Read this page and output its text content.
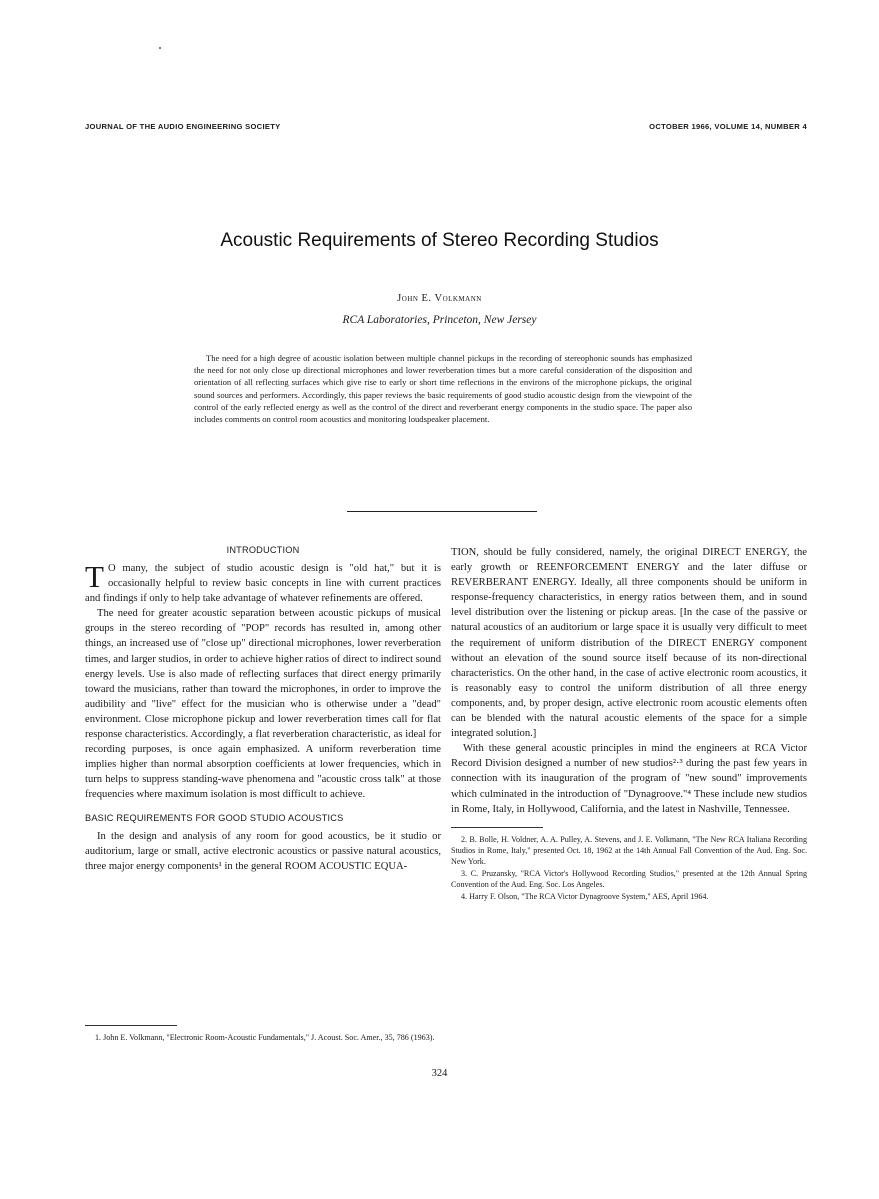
JOURNAL OF THE AUDIO ENGINEERING SOCIETY	OCTOBER 1966, VOLUME 14, NUMBER 4
Acoustic Requirements of Stereo Recording Studios
John E. Volkmann
RCA Laboratories, Princeton, New Jersey

The need for a high degree of acoustic isolation between multiple channel pickups in the recording of stereophonic sounds has emphasized the need for not only close up directional microphones and lower reverberation times but a more careful consideration of the disposition and orientation of all reflecting surfaces which give rise to early or short time reflections in the environs of the microphone pickups, the original sound sources and performers. Accordingly, this paper reviews the basic requirements of good studio acoustic design from the viewpoint of the control of the early reflected energy as well as the control of the direct and reverberant energy components in the studio space. The paper also includes comments on control room acoustics and monitoring loudspeaker placement.

INTRODUCTION

T O many, the subject of studio acoustic design is "old hat," but it is occasionally helpful to review basic concepts in line with current practices and findings if only to help take advantage of whatever refinements are offered.

The need for greater acoustic separation between acoustic pickups of musical groups in the stereo recording of "POP" records has resulted in, among other things, an increased use of "close up" directional microphones, lower reverberation times, and larger studios, in order to achieve higher ratios of direct to indirect sound energy levels. Use is also made of reflecting surfaces that direct energy primarily toward the musicians, rather than toward the microphones, in order to improve the audibility and "live" effect for the musician who is otherwise under a "dead" environment. Close microphone pickup and lower reverberation times call for flat response characteristics. Accordingly, a flat reverberation characteristic, as ideal for recording purposes, is once again emphasized. A uniform reverberation time implies higher than normal absorption coefficients at lower frequencies, which in turn helps to suppress standing-wave phenomena and "acoustic cross talk" at those frequencies where maximum isolation is most difficult to achieve.

BASIC REQUIREMENTS FOR GOOD STUDIO ACOUSTICS

In the design and analysis of any room for good acoustics, be it studio or auditorium, large or small, active electronic acoustics or passive natural acoustics, three major energy components¹ in the general ROOM ACOUSTIC EQUA-

1. John E. Volkmann, "Electronic Room-Acoustic Fundamentals," J. Acoust. Soc. Amer., 35, 786 (1963).

TION, should be fully considered, namely, the original DIRECT ENERGY, the early growth or REENFORCEMENT ENERGY and the later diffuse or REVERBERANT ENERGY. Ideally, all three components should be uniform in response-frequency characteristics, in energy ratios between them, and in sound level distribution over the listening or pickup areas. [In the case of the passive or natural acoustics of an auditorium or large space it is usually very difficult to meet the requirement of uniform distribution of the DIRECT ENERGY component without an elevation of the sound source itself because of its non-directional characteristics. On the other hand, in the case of active electronic room acoustics, it is reasonably easy to control the uniform distribution of all three energy components, and, by proper design, active electronic room acoustic elements often can be blended with the natural acoustic elements of the space for a simple integrated solution.]

With these general acoustic principles in mind the engineers at RCA Victor Record Division designed a number of new studios²·³ during the past few years in connection with its inauguration of the program of "new sound" improvements which culminated in the introduction of "Dynagroove."⁴ These include new studios in Rome, Italy, in Hollywood, California, and the latest in Nashville, Tennessee.

2. B. Bolle, H. Voldner, A. A. Pulley, A. Stevens, and J. E. Volkmann, "The New RCA Italiana Recording Studios in Rome, Italy," presented Oct. 18, 1962 at the 14th Annual Fall Convention of the Aud. Eng. Soc. New York.

3. C. Pruzansky, "RCA Victor's Hollywood Recording Studios," presented at the 12th Annual Spring Convention of the Aud. Eng. Soc. Los Angeles.

4. Harry F. Olson, "The RCA Victor Dynagroove System," AES, April 1964.

324
